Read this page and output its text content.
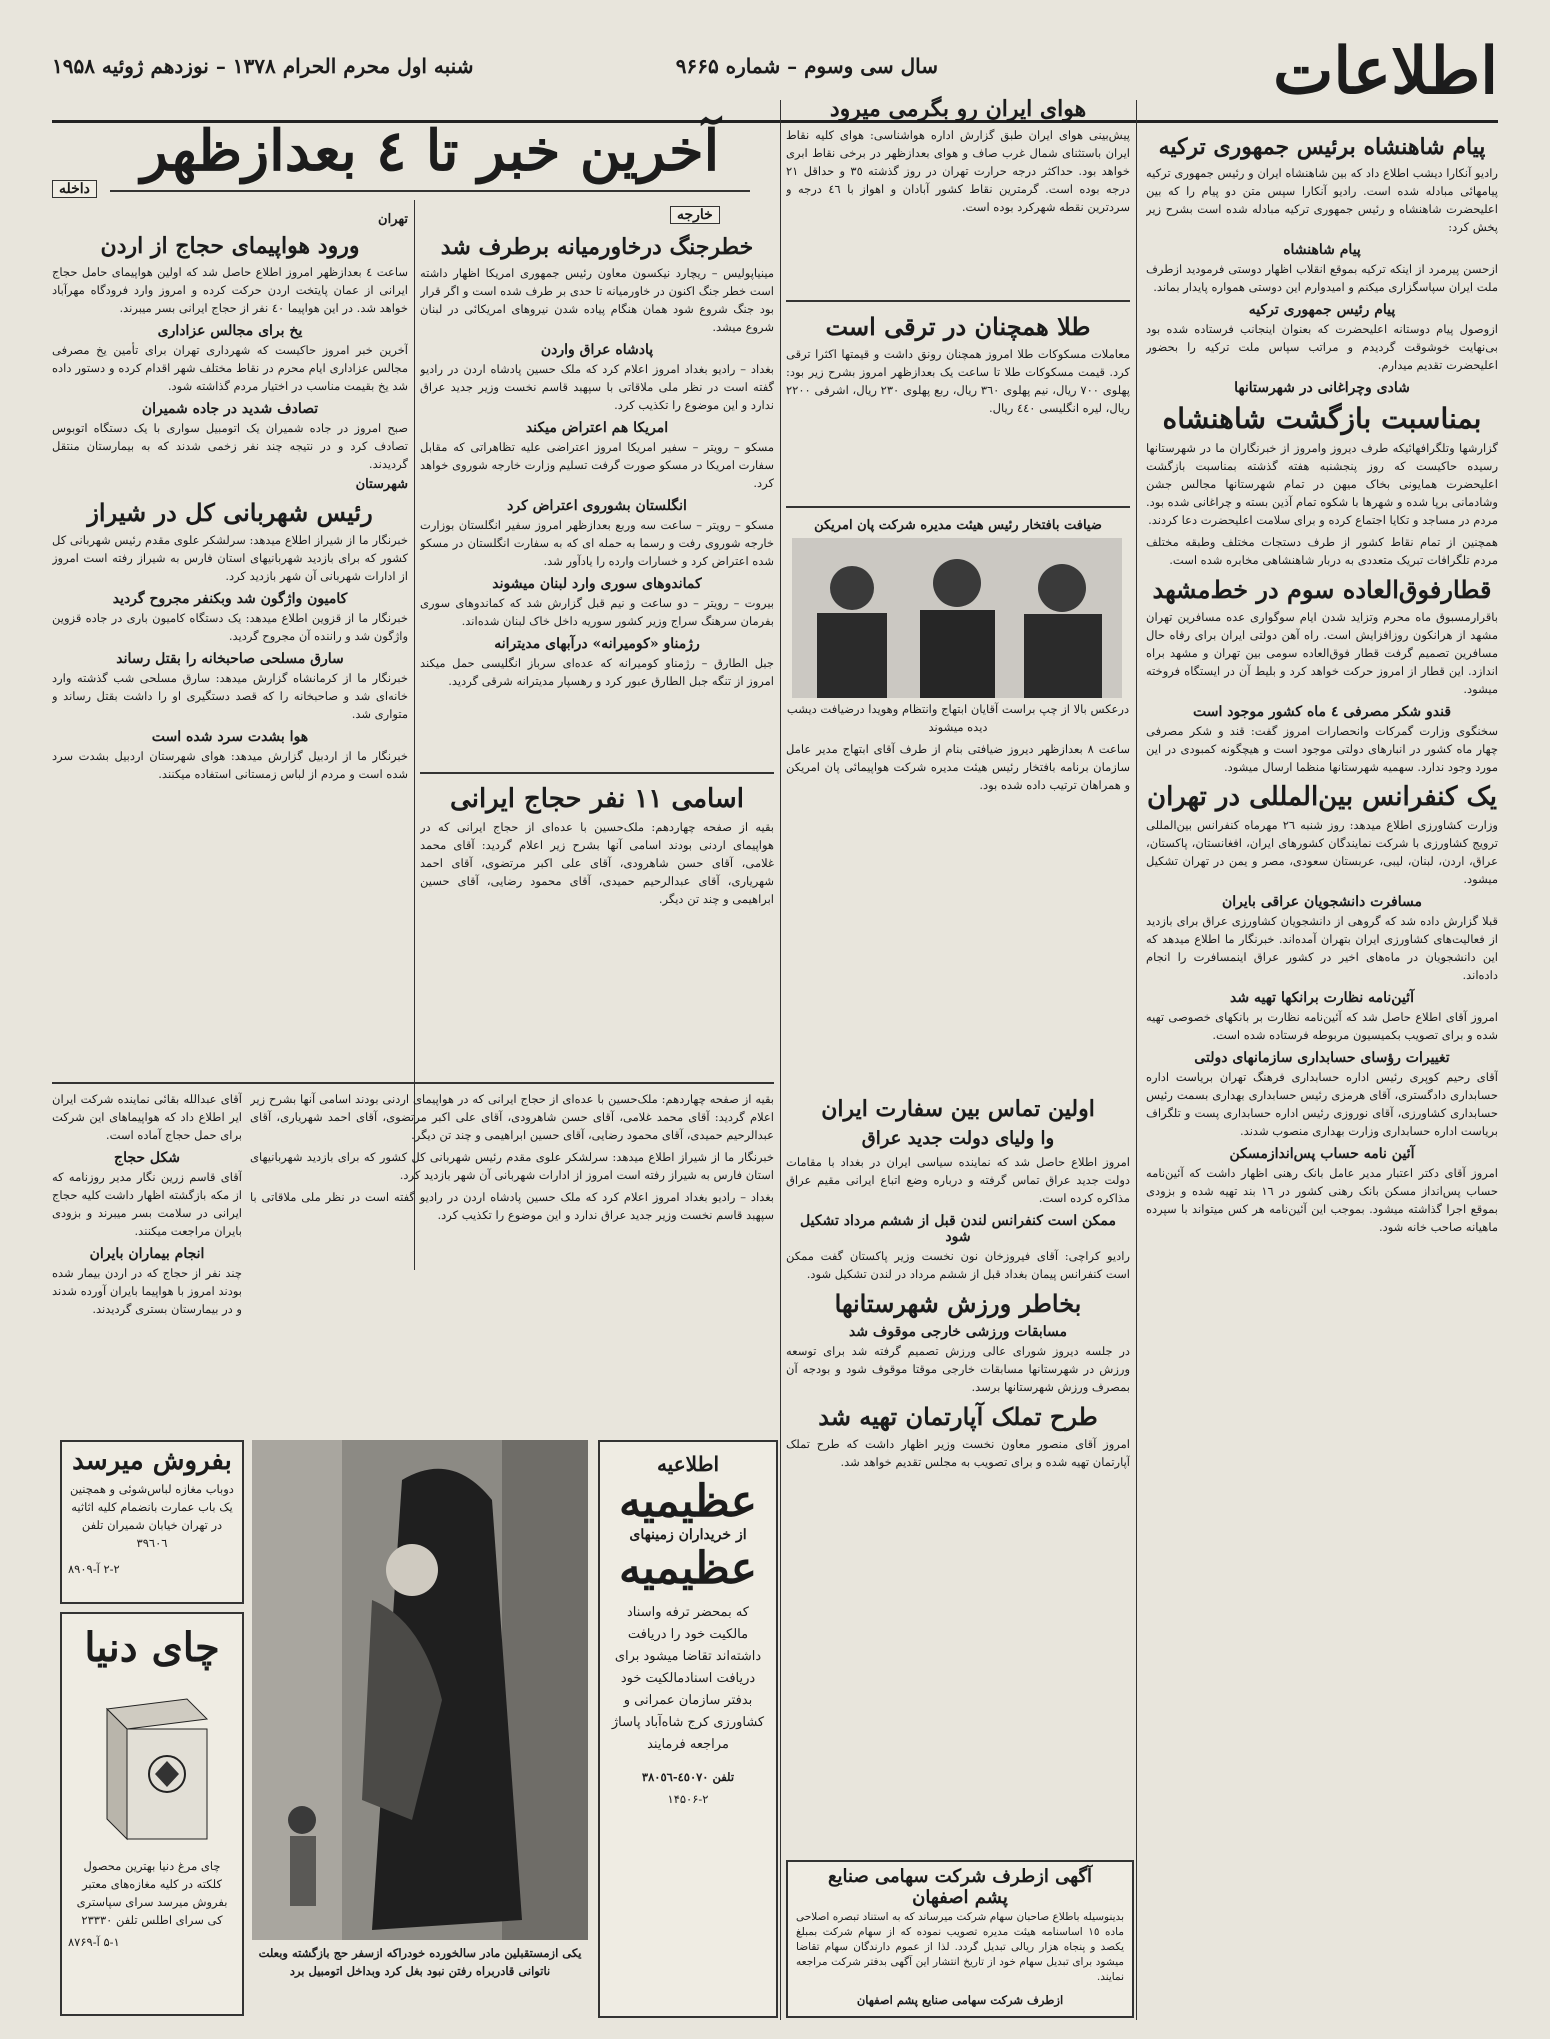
اطلاعات
سال سی وسوم – شماره ۹۶۶۵
شنبه اول محرم الحرام ۱۳۷۸ – نوزدهم ژوئیه ۱۹۵۸
آخرین خبر تا ٤ بعدازظهر
داخله
خارجه
پیام شاهنشاه برئیس جمهوری ترکیه

رادیو آنکارا دیشب اطلاع داد که بین شاهنشاه ایران و رئیس جمهوری ترکیه پیامهائی مبادله شده است. رادیو آنکارا سپس متن دو پیام را که بین اعلیحضرت شاهنشاه و رئیس جمهوری ترکیه مبادله شده است بشرح زیر پخش کرد:

پیام شاهنشاه

ازحسن پیرمرد از اینکه ترکیه بموقع انقلاب اظهار دوستی فرمودید ازطرف ملت ایران سپاسگزاری میکنم و امیدوارم این دوستی همواره پایدار بماند.

پیام رئیس جمهوری ترکیه

ازوصول پیام دوستانه اعلیحضرت که بعنوان اینجانب فرستاده شده بود بی‌نهایت خوشوقت گردیدم و مراتب سپاس ملت ترکیه را بحضور اعلیحضرت تقدیم میدارم.

شادی وچراغانی در شهرستانها
بمناسبت بازگشت شاهنشاه

گزارشها وتلگرافهائیکه طرف دیروز وامروز از خبرنگاران ما در شهرستانها رسیده حاکیست که روز پنجشنبه هفته گذشته بمناسبت بازگشت اعلیحضرت همایونی بخاک میهن در تمام شهرستانها مجالس جشن وشادمانی برپا شده و شهرها با شکوه تمام آذین بسته و چراغانی شده بود. مردم در مساجد و تکایا اجتماع کرده و برای سلامت اعلیحضرت دعا کردند.

همچنین از تمام نقاط کشور از طرف دستجات مختلف وطبقه مختلف مردم تلگرافات تبریک متعددی به دربار شاهنشاهی مخابره شده است.

قطارفوق‌العاده سوم در خط‌مشهد

باقرارمسبوق ماه محرم وتزاید شدن ایام سوگواری عده مسافرین تهران مشهد از هرانکون روزافزایش است. راه آهن دولتی ایران برای رفاه حال مسافرین تصمیم گرفت قطار فوق‌العاده سومی بین تهران و مشهد براه اندازد. این قطار از امروز حرکت خواهد کرد و بلیط آن در ایستگاه فروخته میشود.

قندو شکر مصرفی ٤ ماه کشور موجود است

سخنگوی وزارت گمرکات وانحصارات امروز گفت: قند و شکر مصرفی چهار ماه کشور در انبارهای دولتی موجود است و هیچگونه کمبودی در این مورد وجود ندارد. سهمیه شهرستانها منظما ارسال میشود.

یک کنفرانس بین‌المللی در تهران

وزارت کشاورزی اطلاع میدهد: روز شنبه ٢٦ مهرماه کنفرانس بین‌المللی ترویج کشاورزی با شرکت نمایندگان کشورهای ایران، افغانستان، پاکستان، عراق، اردن، لبنان، لیبی، عربستان سعودی، مصر و یمن در تهران تشکیل میشود.

مسافرت دانشجویان عراقی بایران

قبلا گزارش داده شد که گروهی از دانشجویان کشاورزی عراق برای بازدید از فعالیت‌های کشاورزی ایران بتهران آمده‌اند. خبرنگار ما اطلاع میدهد که این دانشجویان در ماه‌های اخیر در کشور عراق اینمسافرت را انجام داده‌اند.

آئین‌نامه نظارت برانکها تهیه شد

امروز آقای اطلاع حاصل شد که آئین‌نامه نظارت بر بانکهای خصوصی تهیه شده و برای تصویب بکمیسیون مربوطه فرستاده شده است.

تغییرات رؤسای حسابداری سازمانهای دولتی

آقای رحیم کوپری رئیس اداره حسابداری فرهنگ تهران بریاست اداره حسابداری دادگستری، آقای هرمزی رئیس حسابداری بهداری بسمت رئیس حسابداری کشاورزی، آقای نوروزی رئیس اداره حسابداری پست و تلگراف بریاست اداره حسابداری وزارت بهداری منصوب شدند.

آئین نامه حساب پس‌انداز‌مسکن

امروز آقای دکتر اعتبار مدیر عامل بانک رهنی اظهار داشت که آئین‌نامه حساب پس‌انداز مسکن بانک رهنی کشور در ١٦ بند تهیه شده و بزودی بموقع اجرا گذاشته میشود. بموجب این آئین‌نامه هر کس میتواند با سپرده ماهیانه صاحب خانه شود.

هوای ایران رو بگرمی میرود

پیش‌بینی هوای ایران طبق گزارش اداره هواشناسی: هوای کلیه نقاط ایران باستثنای شمال غرب صاف و هوای بعدازظهر در برخی نقاط ابری خواهد بود. حداکثر درجه حرارت تهران در روز گذشته ٣٥ و حداقل ٢١ درجه بوده است. گرمترین نقاط کشور آبادان و اهواز با ٤٦ درجه و سردترین نقطه شهرکرد بوده است.

طلا همچنان در ترقی است

معاملات مسکوکات طلا امروز همچنان رونق داشت و قیمتها اکثرا ترقی کرد. قیمت مسکوکات طلا تا ساعت یک بعدازظهر امروز بشرح زیر بود: پهلوی ٧٠٠ ریال، نیم پهلوی ٣٦٠ ریال، ربع پهلوی ٢٣٠ ریال، اشرفی ٢٢٠٠ ریال، لیره انگلیسی ٤٤٠ ریال.

ضیافت بافتخار رئیس هیئت مدیره شرکت پان امریکن

درعکس بالا از چپ براست آقایان ابتهاج وانتظام وهویدا درضیافت دیشب دیده میشوند

ساعت ٨ بعدازظهر دیروز ضیافتی بنام از طرف آقای ابتهاج مدیر عامل سازمان برنامه بافتخار رئیس هیئت مدیره شرکت هواپیمائی پان امریکن و همراهان ترتیب داده شده بود.

خطرجنگ درخاورمیانه برطرف شد

مینیاپولیس – ریچارد نیکسون معاون رئیس جمهوری امریکا اظهار داشته است خطر جنگ اکنون در خاورمیانه تا حدی بر طرف شده است و اگر قرار بود جنگ شروع شود همان هنگام پیاده شدن نیروهای امریکائی در لبنان شروع میشد.

پادشاه عراق واردن

بغداد – رادیو بغداد امروز اعلام کرد که ملک حسین پادشاه اردن در رادیو گفته است در نظر ملی ملاقاتی با سپهبد قاسم نخست وزیر جدید عراق ندارد و این موضوع را تکذیب کرد.

امریکا هم اعتراض میکند

مسکو – رویتر – سفیر امریکا امروز اعتراضی علیه تظاهراتی که مقابل سفارت امریکا در مسکو صورت گرفت تسلیم وزارت خارجه شوروی خواهد کرد.

انگلستان بشوروی اعتراض کرد

مسکو – رویتر – ساعت سه وربع بعدازظهر امروز سفیر انگلستان بوزارت خارجه شوروی رفت و رسما به حمله ای که به سفارت انگلستان در مسکو شده اعتراض کرد و خسارات وارده را یادآور شد.

کماندوهای سوری وارد لبنان میشوند

بیروت – رویتر – دو ساعت و نیم قبل گزارش شد که کماندوهای سوری بفرمان سرهنگ سراج وزیر کشور سوریه داخل خاک لبنان شده‌اند.

رژمناو «کومیرانه» درآبهای مدیترانه

جبل الطارق – رژمناو کومیرانه که عده‌ای سرباز انگلیسی حمل میکند امروز از تنگه جبل الطارق عبور کرد و رهسپار مدیترانه شرقی گردید.

اسامی ١١ نفر حجاج ایرانی

بقیه از صفحه چهاردهم: ملک‌حسین با عده‌ای از حجاج ایرانی که در هواپیمای اردنی بودند اسامی آنها بشرح زیر اعلام گردید: آقای محمد غلامی، آقای حسن شاهرودی، آقای علی اکبر مرتضوی، آقای احمد شهریاری، آقای عبدالرحیم حمیدی، آقای محمود رضایی، آقای حسین ابراهیمی و چند تن دیگر.

تهران
ورود هواپیمای حجاج از اردن

ساعت ٤ بعدازظهر امروز اطلاع حاصل شد که اولین هواپیمای حامل حجاج ایرانی از عمان پایتخت اردن حرکت کرده و امروز وارد فرودگاه مهرآباد خواهد شد. در این هواپیما ٤٠ نفر از حجاج ایرانی بسر میبرند.

یخ برای مجالس عزاداری

آخرین خبر امروز حاکیست که شهرداری تهران برای تأمین یخ مصرفی مجالس عزاداری ایام محرم در نقاط مختلف شهر اقدام کرده و دستور داده شد یخ بقیمت مناسب در اختیار مردم گذاشته شود.

تصادف شدید در جاده شمیران

صبح امروز در جاده شمیران یک اتومبیل سواری با یک دستگاه اتوبوس تصادف کرد و در نتیجه چند نفر زخمی شدند که به بیمارستان منتقل گردیدند.

شهرستان
رئیس شهربانی کل در شیراز

خبرنگار ما از شیراز اطلاع میدهد: سرلشکر علوی مقدم رئیس شهربانی کل کشور که برای بازدید شهربانیهای استان فارس به شیراز رفته است امروز از ادارات شهربانی آن شهر بازدید کرد.

کامیون واژگون شد وبکنفر مجروح گردید

خبرنگار ما از قزوین اطلاع میدهد: یک دستگاه کامیون باری در جاده قزوین واژگون شد و راننده آن مجروح گردید.

سارق مسلحی صاحبخانه را بقتل رساند

خبرنگار ما از کرمانشاه گزارش میدهد: سارق مسلحی شب گذشته وارد خانه‌ای شد و صاحبخانه را که قصد دستگیری او را داشت بقتل رساند و متواری شد.

هوا بشدت سرد شده است

خبرنگار ما از اردبیل گزارش میدهد: هوای شهرستان اردبیل بشدت سرد شده است و مردم از لباس زمستانی استفاده میکنند.

اولین تماس بین سفارت ایران
وا ولیای دولت جدید عراق

امروز اطلاع حاصل شد که نماینده سیاسی ایران در بغداد با مقامات دولت جدید عراق تماس گرفته و درباره وضع اتباع ایرانی مقیم عراق مذاکره کرده است.

ممکن است کنفرانس لندن قبل از ششم مرداد تشکیل شود

رادیو کراچی: آقای فیروزخان نون نخست وزیر پاکستان گفت ممکن است کنفرانس پیمان بغداد قبل از ششم مرداد در لندن تشکیل شود.

بخاطر ورزش شهرستانها
مسابقات ورزشی خارجی موقوف شد

در جلسه دیروز شورای عالی ورزش تصمیم گرفته شد برای توسعه ورزش در شهرستانها مسابقات خارجی موقتا موقوف شود و بودجه آن بمصرف ورزش شهرستانها برسد.

طرح تملک آپارتمان تهیه شد

امروز آقای منصور معاون نخست وزیر اظهار داشت که طرح تملک آپارتمان تهیه شده و برای تصویب به مجلس تقدیم خواهد شد.

آقای عبدالله بقائی نماینده شرکت ایران ایر اطلاع داد که هواپیماهای این شرکت برای حمل حجاج آماده است.

شکل حجاج

آقای قاسم زرین نگار مدیر روزنامه که از مکه بازگشته اظهار داشت کلیه حجاج ایرانی در سلامت بسر میبرند و بزودی بایران مراجعت میکنند.

انجام بیماران بایران

چند نفر از حجاج که در اردن بیمار شده بودند امروز با هواپیما بایران آورده شدند و در بیمارستان بستری گردیدند.

بقیه از صفحه چهاردهم: ملک‌حسین با عده‌ای از حجاج ایرانی که در هواپیمای اردنی بودند اسامی آنها بشرح زیر اعلام گردید: آقای محمد غلامی، آقای حسن شاهرودی، آقای علی اکبر مرتضوی، آقای احمد شهریاری، آقای عبدالرحیم حمیدی، آقای محمود رضایی، آقای حسین ابراهیمی و چند تن دیگر.

خبرنگار ما از شیراز اطلاع میدهد: سرلشکر علوی مقدم رئیس شهربانی کل کشور که برای بازدید شهربانیهای استان فارس به شیراز رفته است امروز از ادارات شهربانی آن شهر بازدید کرد.

بغداد – رادیو بغداد امروز اعلام کرد که ملک حسین پادشاه اردن در رادیو گفته است در نظر ملی ملاقاتی با سپهبد قاسم نخست وزیر جدید عراق ندارد و این موضوع را تکذیب کرد.

بفروش میرسد
دوباب مغازه لباس‌شوئی و همچنین یک باب عمارت بانضمام کلیه اثاثیه در تهران خیابان شمیران تلفن ٣٩٦٠٦
۲-۲ آ-۸۹۰۹
چای دنیا
چای مرغ دنیا بهترین محصول کلکته در کلیه مغازه‌های معتبر بفروش میرسد سرای سپاستری کی سرای اطلس تلفن ٢٣٣٣٠
۵-۱ آ-۸۷۶۹

یکی ازمستقبلین مادر سالخورده خودراکه ازسفر حج بازگشته وبعلت ناتوانی قادربراه رفتن نبود بغل کرد وبداخل اتومبیل برد

اطلاعیه
عظیمیه
از خریداران زمینهای
عظیمیه
که بمحضر ترفه واسناد مالکیت خود را دریافت داشته‌اند تقاضا میشود برای دریافت اسنادمالکیت خود بدفتر سازمان عمرانی و کشاورزی کرج شاه‌آباد پاساژ مراجعه فرمایند
تلفن ٤٥٠٧٠-٣٨٠٥٦
۱۴۵۰۶-۲
آگهی ازطرف شرکت سهامی صنایع
پشم اصفهان
بدینوسیله باطلاع صاحبان سهام شرکت میرساند که به استناد تبصره اصلاحی ماده ١٥ اساسنامه هیئت مدیره تصویب نموده که از سهام شرکت بمبلغ یکصد و پنجاه هزار ریالی تبدیل گردد. لذا از عموم دارندگان سهام تقاضا میشود برای تبدیل سهام خود از تاریخ انتشار این آگهی بدفتر شرکت مراجعه نمایند.
ازطرف شرکت سهامی صنایع پشم اصفهان
